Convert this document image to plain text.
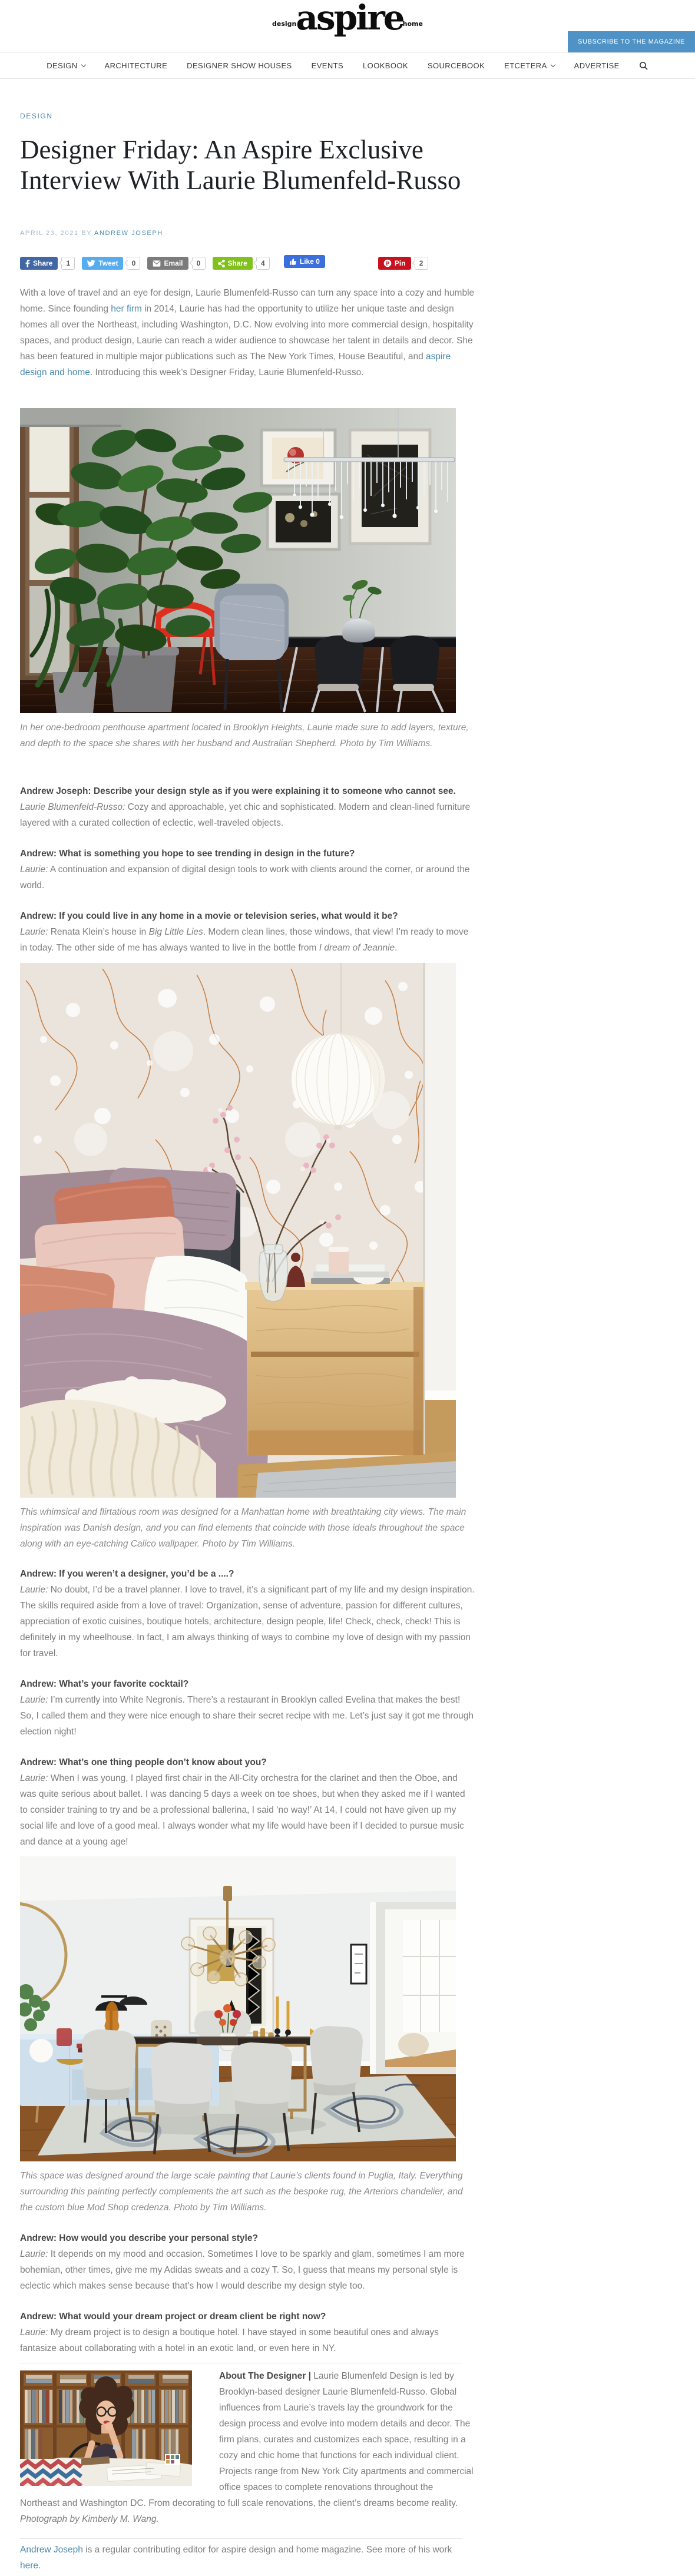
design aspire home
SUBSCRIBE TO THE MAGAZINE
DESIGN	ARCHITECTURE	DESIGNER SHOW HOUSES	EVENTS	LOOKBOOK	SOURCEBOOK	ETCETERA	ADVERTISE
DESIGN
Designer Friday: An Aspire Exclusive Interview With Laurie Blumenfeld-Russo
APRIL 23, 2021 BY ANDREW JOSEPH
Share	1	Tweet	0	Email	0	Share	4	Like 0	P Pin	2

With a love of travel and an eye for design, Laurie Blumenfeld-Russo can turn any space into a cozy and humble home. Since founding her firm in 2014, Laurie has had the opportunity to utilize her unique taste and design homes all over the Northeast, including Washington, D.C. Now evolving into more commercial design, hospitality spaces, and product design, Laurie can reach a wider audience to showcase her talent in details and decor. She has been featured in multiple major publications such as The New York Times, House Beautiful, and aspire design and home. Introducing this week’s Designer Friday, Laurie Blumenfeld-Russo.

In her one-bedroom penthouse apartment located in Brooklyn Heights, Laurie made sure to add layers, texture, and depth to the space she shares with her husband and Australian Shepherd. Photo by Tim Williams.

Andrew Joseph: Describe your design style as if you were explaining it to someone who cannot see.

Laurie Blumenfeld-Russo: Cozy and approachable, yet chic and sophisticated. Modern and clean-lined furniture layered with a curated collection of eclectic, well-traveled objects.

Andrew: What is something you hope to see trending in design in the future?

Laurie: A continuation and expansion of digital design tools to work with clients around the corner, or around the world.

Andrew: If you could live in any home in a movie or television series, what would it be?

Laurie: Renata Klein’s house in Big Little Lies. Modern clean lines, those windows, that view! I’m ready to move in today. The other side of me has always wanted to live in the bottle from I dream of Jeannie.

This whimsical and flirtatious room was designed for a Manhattan home with breathtaking city views. The main inspiration was Danish design, and you can find elements that coincide with those ideals throughout the space along with an eye-catching Calico wallpaper. Photo by Tim Williams.

Andrew: If you weren’t a designer, you’d be a ....?

Laurie: No doubt, I’d be a travel planner. I love to travel, it’s a significant part of my life and my design inspiration. The skills required aside from a love of travel: Organization, sense of adventure, passion for different cultures, appreciation of exotic cuisines, boutique hotels, architecture, design people, life! Check, check, check! This is definitely in my wheelhouse. In fact, I am always thinking of ways to combine my love of design with my passion for travel.

Andrew: What’s your favorite cocktail?

Laurie: I’m currently into White Negronis. There’s a restaurant in Brooklyn called Evelina that makes the best! So, I called them and they were nice enough to share their secret recipe with me. Let’s just say it got me through election night!

Andrew: What’s one thing people don’t know about you?

Laurie: When I was young, I played first chair in the All-City orchestra for the clarinet and then the Oboe, and was quite serious about ballet. I was dancing 5 days a week on toe shoes, but when they asked me if I wanted to consider training to try and be a professional ballerina, I said ‘no way!’ At 14, I could not have given up my social life and love of a good meal. I always wonder what my life would have been if I decided to pursue music and dance at a young age!

This space was designed around the large scale painting that Laurie’s clients found in Puglia, Italy. Everything surrounding this painting perfectly complements the art such as the bespoke rug, the Arteriors chandelier, and the custom blue Mod Shop credenza. Photo by Tim Williams.

Andrew: How would you describe your personal style?

Laurie: It depends on my mood and occasion. Sometimes I love to be sparkly and glam, sometimes I am more bohemian, other times, give me my Adidas sweats and a cozy T. So, I guess that means my personal style is eclectic which makes sense because that’s how I would describe my design style too.

Andrew: What would your dream project or dream client be right now?

Laurie: My dream project is to design a boutique hotel. I have stayed in some beautiful ones and always fantasize about collaborating with a hotel in an exotic land, or even here in NY.

About The Designer | Laurie Blumenfeld Design is led by Brooklyn-based designer Laurie Blumenfeld-Russo. Global influences from Laurie’s travels lay the groundwork for the design process and evolve into modern details and decor. The firm plans, curates and customizes each space, resulting in a cozy and chic home that functions for each individual client. Projects range from New York City apartments and commercial office spaces to complete renovations throughout the Northeast and Washington DC. From decorating to full scale renovations, the client’s dreams become reality. Photograph by Kimberly M. Wang.

Andrew Joseph is a regular contributing editor for aspire design and home magazine. See more of his work here.
